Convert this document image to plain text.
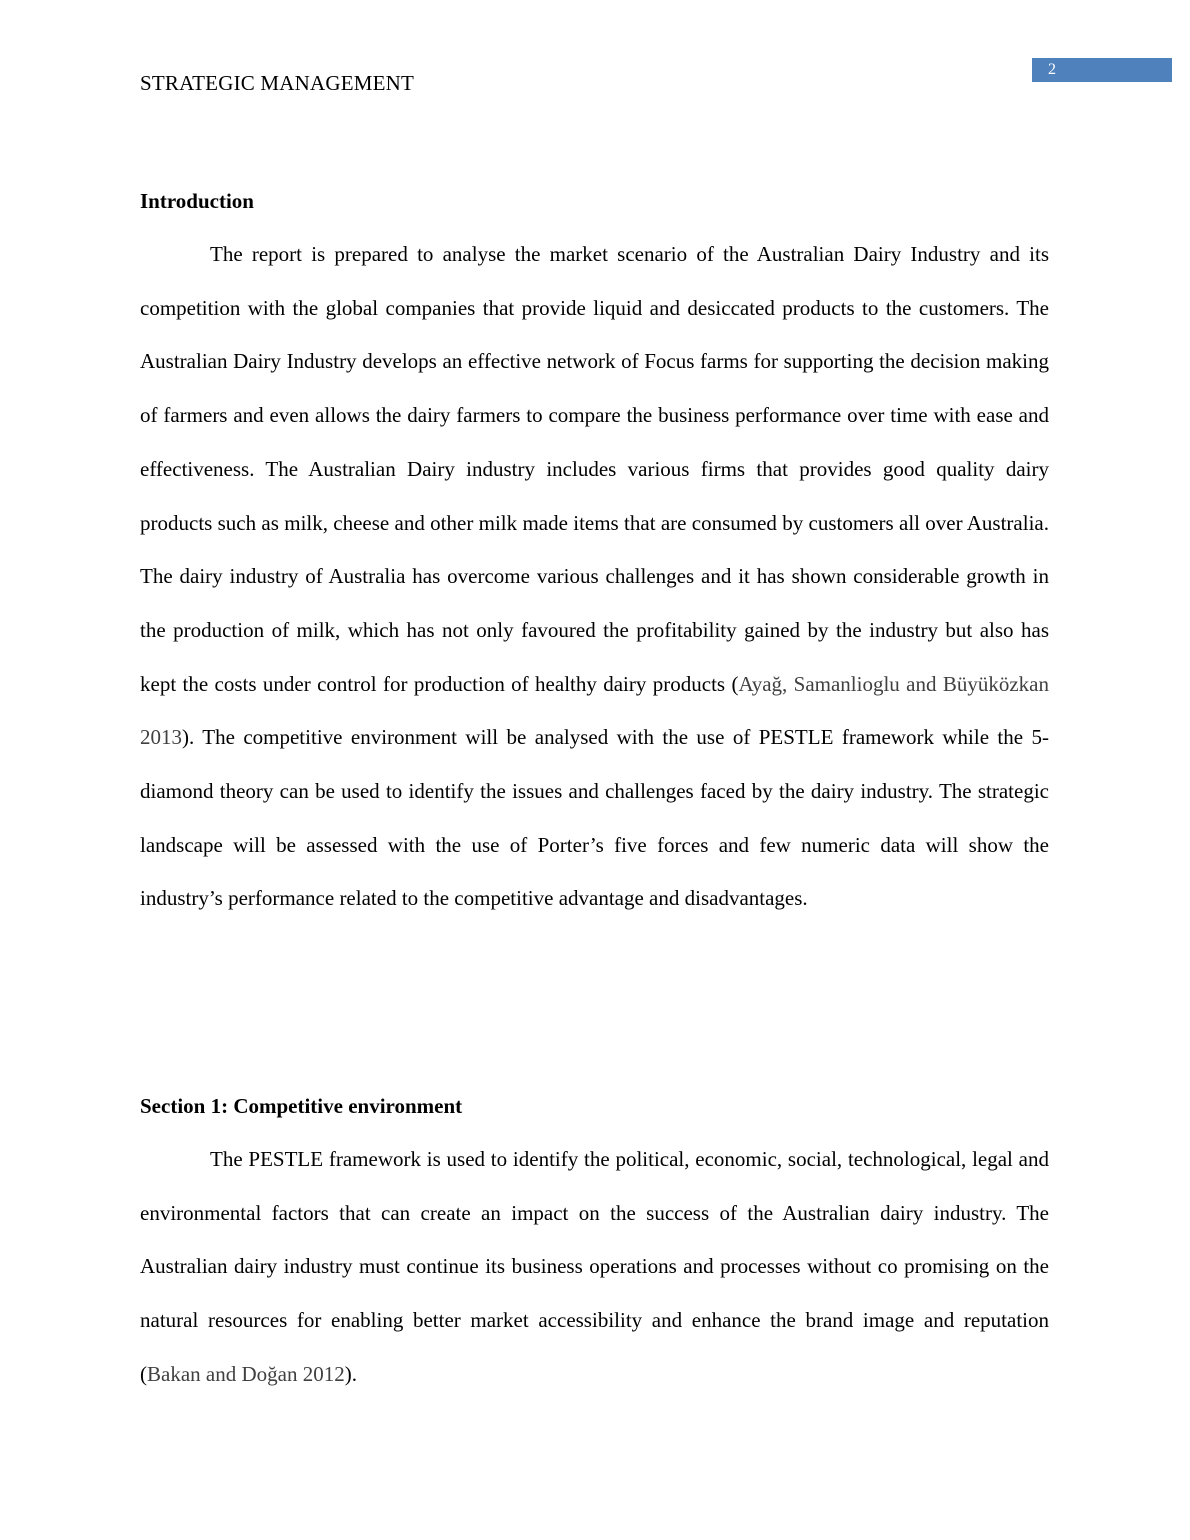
2
STRATEGIC MANAGEMENT
Introduction

The report is prepared to analyse the market scenario of the Australian Dairy Industry and its competition with the global companies that provide liquid and desiccated products to the customers. The Australian Dairy Industry develops an effective network of Focus farms for supporting the decision making of farmers and even allows the dairy farmers to compare the business performance over time with ease and effectiveness. The Australian Dairy industry includes various firms that provides good quality dairy products such as milk, cheese and other milk made items that are consumed by customers all over Australia. The dairy industry of Australia has overcome various challenges and it has shown considerable growth in the production of milk, which has not only favoured the profitability gained by the industry but also has kept the costs under control for production of healthy dairy products (Ayağ, Samanlioglu and Büyüközkan 2013). The competitive environment will be analysed with the use of PESTLE framework while the 5-diamond theory can be used to identify the issues and challenges faced by the dairy industry. The strategic landscape will be assessed with the use of Porter’s five forces and few numeric data will show the industry’s performance related to the competitive advantage and disadvantages.

Section 1: Competitive environment

The PESTLE framework is used to identify the political, economic, social, technological, legal and environmental factors that can create an impact on the success of the Australian dairy industry. The Australian dairy industry must continue its business operations and processes without co promising on the natural resources for enabling better market accessibility and enhance the brand image and reputation (Bakan and Doğan 2012).
